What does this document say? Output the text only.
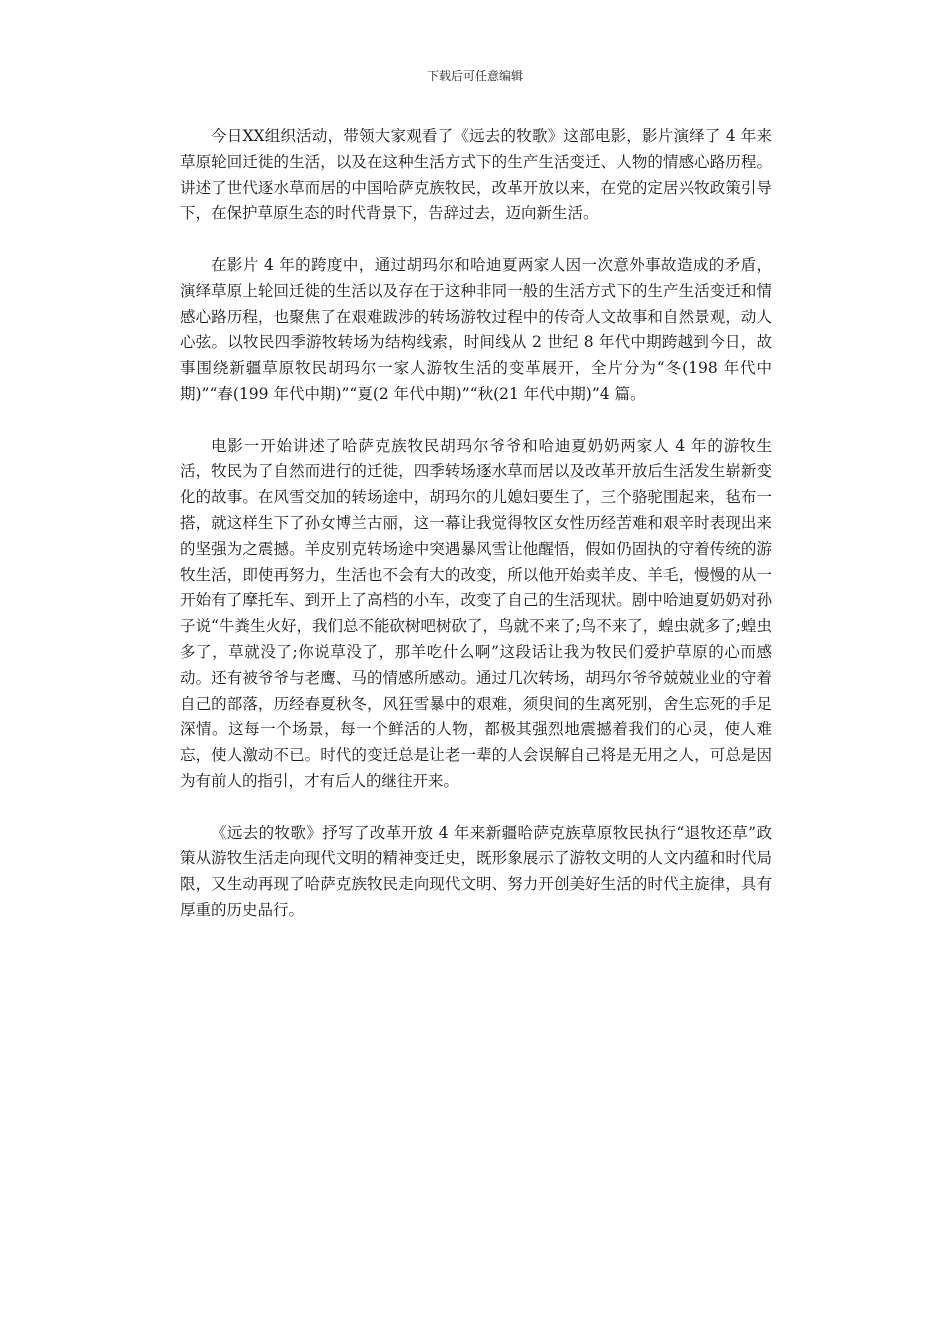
下载后可任意编辑

今日XX组织活动，带领大家观看了《远去的牧歌》这部电影，影片演绎了 4 年来草原轮回迁徙的生活，以及在这种生活方式下的生产生活变迁、人物的情感心路历程。讲述了世代逐水草而居的中国哈萨克族牧民，改革开放以来，在党的定居兴牧政策引导下，在保护草原生态的时代背景下，告辞过去，迈向新生活。

在影片 4 年的跨度中，通过胡玛尔和哈迪夏两家人因一次意外事故造成的矛盾，演绎草原上轮回迁徙的生活以及存在于这种非同一般的生活方式下的生产生活变迁和情感心路历程，也聚焦了在艰难跋涉的转场游牧过程中的传奇人文故事和自然景观，动人心弦。以牧民四季游牧转场为结构线索，时间线从 2 世纪 8 年代中期跨越到今日，故事围绕新疆草原牧民胡玛尔一家人游牧生活的变革展开，全片分为“冬(198 年代中期)”“春(199 年代中期)”“夏(2 年代中期)”“秋(21 年代中期)”4 篇。

电影一开始讲述了哈萨克族牧民胡玛尔爷爷和哈迪夏奶奶两家人 4 年的游牧生活，牧民为了自然而进行的迁徙，四季转场逐水草而居以及改革开放后生活发生崭新变化的故事。在风雪交加的转场途中，胡玛尔的儿媳妇要生了，三个骆驼围起来，毡布一搭，就这样生下了孙女博兰古丽，这一幕让我觉得牧区女性历经苦难和艰辛时表现出来的坚强为之震撼。羊皮别克转场途中突遇暴风雪让他醒悟，假如仍固执的守着传统的游牧生活，即使再努力，生活也不会有大的改变，所以他开始卖羊皮、羊毛，慢慢的从一开始有了摩托车、到开上了高档的小车，改变了自己的生活现状。剧中哈迪夏奶奶对孙子说“牛粪生火好，我们总不能砍树吧树砍了，鸟就不来了;鸟不来了，蝗虫就多了;蝗虫多了，草就没了;你说草没了，那羊吃什么啊”这段话让我为牧民们爱护草原的心而感动。还有被爷爷与老鹰、马的情感所感动。通过几次转场，胡玛尔爷爷兢兢业业的守着自己的部落，历经春夏秋冬，风狂雪暴中的艰难，须臾间的生离死别，舍生忘死的手足深情。这每一个场景，每一个鲜活的人物，都极其强烈地震撼着我们的心灵，使人难忘，使人激动不已。时代的变迁总是让老一辈的人会误解自己将是无用之人，可总是因为有前人的指引，才有后人的继往开来。

《远去的牧歌》抒写了改革开放 4 年来新疆哈萨克族草原牧民执行“退牧还草”政策从游牧生活走向现代文明的精神变迁史，既形象展示了游牧文明的人文内蕴和时代局限，又生动再现了哈萨克族牧民走向现代文明、努力开创美好生活的时代主旋律，具有厚重的历史品行。
